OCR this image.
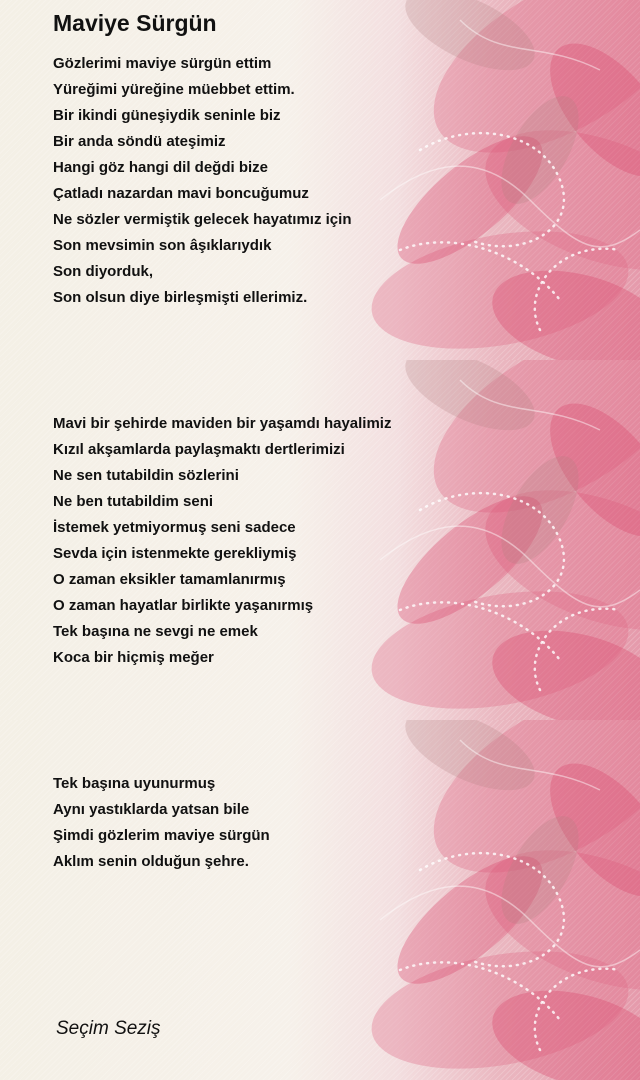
Maviye Sürgün
Gözlerimi maviye sürgün ettim
Yüreğimi yüreğine müebbet ettim.
Bir ikindi güneşiydik seninle biz
Bir anda söndü ateşimiz
Hangi göz hangi dil değdi bize
Çatladı nazardan mavi boncuğumuz
Ne sözler vermiştik gelecek hayatımız için
Son mevsimin son âşıklarıydık
Son diyorduk,
Son olsun diye birleşmişti ellerimiz.
Mavi bir şehirde maviden bir yaşamdı hayalimiz
Kızıl akşamlarda paylaşmaktı dertlerimizi
Ne sen tutabildin sözlerini
Ne ben tutabildim seni
İstemek yetmiyormuş seni sadece
Sevda için istenmekte gerekliymiş
O zaman eksikler tamamlanırmış
O zaman hayatlar birlikte yaşanırmış
Tek başına ne sevgi ne emek
Koca bir hiçmiş meğer
Tek başına uyunurmuş
Aynı yastıklarda yatsan bile
Şimdi gözlerim maviye sürgün
Aklım senin olduğun şehre.
Seçim Seziş
